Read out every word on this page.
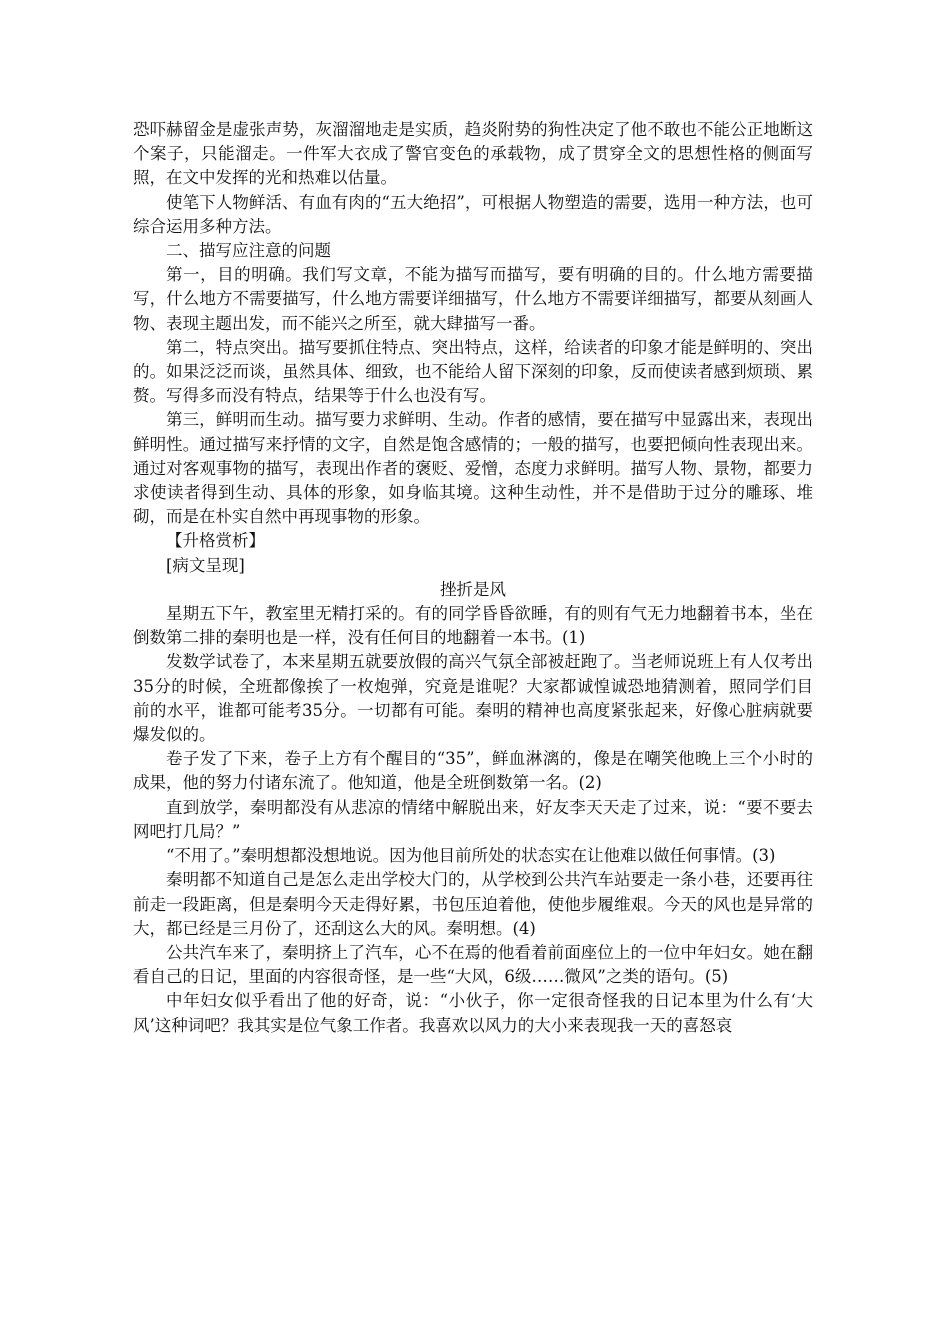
恐吓赫留金是虚张声势，灰溜溜地走是实质，趋炎附势的狗性决定了他不敢也不能公正地断这个案子，只能溜走。一件军大衣成了警官变色的承载物，成了贯穿全文的思想性格的侧面写照，在文中发挥的光和热难以估量。

使笔下人物鲜活、有血有肉的“五大绝招”，可根据人物塑造的需要，选用一种方法，也可综合运用多种方法。

二、描写应注意的问题

第一，目的明确。我们写文章，不能为描写而描写，要有明确的目的。什么地方需要描写，什么地方不需要描写，什么地方需要详细描写，什么地方不需要详细描写，都要从刻画人物、表现主题出发，而不能兴之所至，就大肆描写一番。

第二，特点突出。描写要抓住特点、突出特点，这样，给读者的印象才能是鲜明的、突出的。如果泛泛而谈，虽然具体、细致，也不能给人留下深刻的印象，反而使读者感到烦琐、累赘。写得多而没有特点，结果等于什么也没有写。

第三，鲜明而生动。描写要力求鲜明、生动。作者的感情，要在描写中显露出来，表现出鲜明性。通过描写来抒情的文字，自然是饱含感情的；一般的描写，也要把倾向性表现出来。通过对客观事物的描写，表现出作者的褒贬、爱憎，态度力求鲜明。描写人物、景物，都要力求使读者得到生动、具体的形象，如身临其境。这种生动性，并不是借助于过分的雕琢、堆砌，而是在朴实自然中再现事物的形象。

【升格赏析】

[病文呈现]

挫折是风

星期五下午，教室里无精打采的。有的同学昏昏欲睡，有的则有气无力地翻着书本，坐在倒数第二排的秦明也是一样，没有任何目的地翻着一本书。(1)

发数学试卷了，本来星期五就要放假的高兴气氛全部被赶跑了。当老师说班上有人仅考出35分的时候，全班都像挨了一枚炮弹，究竟是谁呢？大家都诚惶诚恐地猜测着，照同学们目前的水平，谁都可能考35分。一切都有可能。秦明的精神也高度紧张起来，好像心脏病就要爆发似的。

卷子发了下来，卷子上方有个醒目的“35”，鲜血淋漓的，像是在嘲笑他晚上三个小时的成果，他的努力付诸东流了。他知道，他是全班倒数第一名。(2)

直到放学，秦明都没有从悲凉的情绪中解脱出来，好友李天天走了过来，说：“要不要去网吧打几局？”

“不用了。”秦明想都没想地说。因为他目前所处的状态实在让他难以做任何事情。(3)

秦明都不知道自己是怎么走出学校大门的，从学校到公共汽车站要走一条小巷，还要再往前走一段距离，但是秦明今天走得好累，书包压迫着他，使他步履维艰。今天的风也是异常的大，都已经是三月份了，还刮这么大的风。秦明想。(4)

公共汽车来了，秦明挤上了汽车，心不在焉的他看着前面座位上的一位中年妇女。她在翻看自己的日记，里面的内容很奇怪，是一些“大风，6级……微风”之类的语句。(5)

中年妇女似乎看出了他的好奇，说：“小伙子，你一定很奇怪我的日记本里为什么有‘大风’这种词吧？我其实是位气象工作者。我喜欢以风力的大小来表现我一天的喜怒哀
